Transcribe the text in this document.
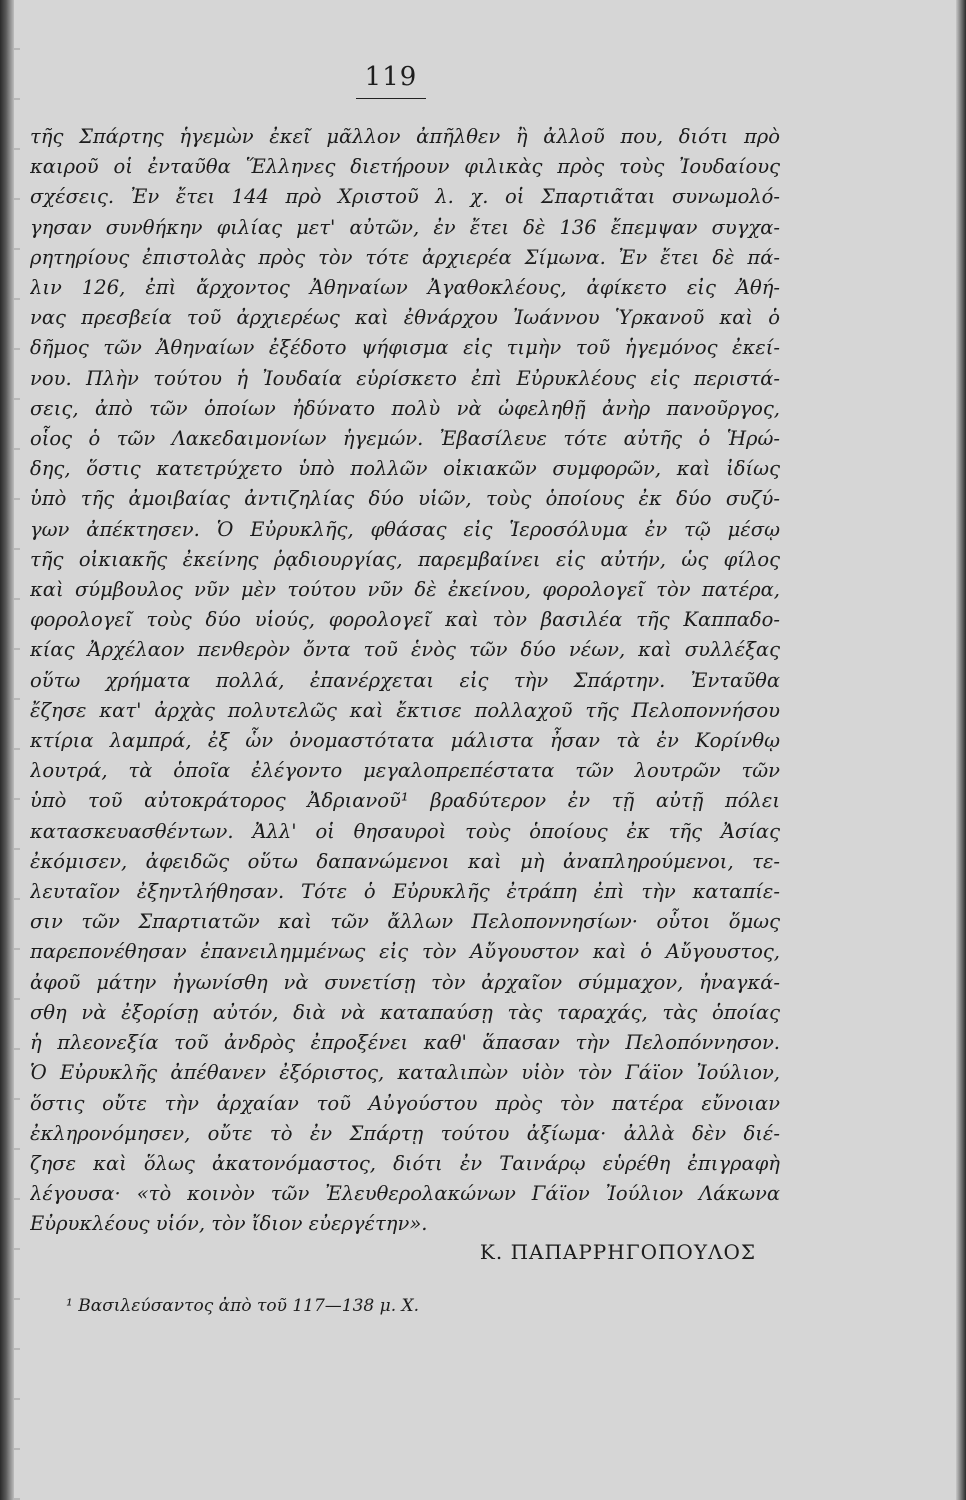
119
τῆς Σπάρτης ἡγεμὼν ἐκεῖ μᾶλλον ἀπῆλθεν ἢ ἀλλοῦ που, διότι πρὸ
καιροῦ οἱ ἐνταῦθα Ἕλληνες διετήρουν φιλικὰς πρὸς τοὺς Ἰουδαίους
σχέσεις. Ἐν ἔτει 144 πρὸ Χριστοῦ λ. χ. οἱ Σπαρτιᾶται συνωμολό-
γησαν συνθήκην φιλίας μετ' αὐτῶν, ἐν ἔτει δὲ 136 ἔπεμψαν συγχα-
ρητηρίους ἐπιστολὰς πρὸς τὸν τότε ἀρχιερέα Σίμωνα. Ἐν ἔτει δὲ πά-
λιν 126, ἐπὶ ἄρχοντος Ἀθηναίων Ἀγαθοκλέους, ἀφίκετο εἰς Ἀθή-
νας πρεσβεία τοῦ ἀρχιερέως καὶ ἐθνάρχου Ἰωάννου Ὑρκανοῦ καὶ ὁ
δῆμος τῶν Ἀθηναίων ἐξέδοτο ψήφισμα εἰς τιμὴν τοῦ ἡγεμόνος ἐκεί-
νου. Πλὴν τούτου ἡ Ἰουδαία εὑρίσκετο ἐπὶ Εὐρυκλέους εἰς περιστά-
σεις, ἀπὸ τῶν ὁποίων ἠδύνατο πολὺ νὰ ὠφεληθῇ ἀνὴρ πανοῦργος,
οἷος ὁ τῶν Λακεδαιμονίων ἡγεμών. Ἐβασίλευε τότε αὐτῆς ὁ Ἡρώ-
δης, ὅστις κατετρύχετο ὑπὸ πολλῶν οἰκιακῶν συμφορῶν, καὶ ἰδίως
ὑπὸ τῆς ἀμοιβαίας ἀντιζηλίας δύο υἱῶν, τοὺς ὁποίους ἐκ δύο συζύ-
γων ἀπέκτησεν. Ὁ Εὐρυκλῆς, φθάσας εἰς Ἱεροσόλυμα ἐν τῷ μέσῳ
τῆς οἰκιακῆς ἐκείνης ῥᾳδιουργίας, παρεμβαίνει εἰς αὐτήν, ὡς φίλος
καὶ σύμβουλος νῦν μὲν τούτου νῦν δὲ ἐκείνου, φορολογεῖ τὸν πατέρα,
φορολογεῖ τοὺς δύο υἱούς, φορολογεῖ καὶ τὸν βασιλέα τῆς Καππαδο-
κίας Ἀρχέλαον πενθερὸν ὄντα τοῦ ἑνὸς τῶν δύο νέων, καὶ συλλέξας
οὕτω χρήματα πολλά, ἐπανέρχεται εἰς τὴν Σπάρτην. Ἐνταῦθα
ἔζησε κατ' ἀρχὰς πολυτελῶς καὶ ἔκτισε πολλαχοῦ τῆς Πελοποννήσου
κτίρια λαμπρά, ἐξ ὧν ὀνομαστότατα μάλιστα ἦσαν τὰ ἐν Κορίνθῳ
λουτρά, τὰ ὁποῖα ἐλέγοντο μεγαλοπρεπέστατα τῶν λουτρῶν τῶν
ὑπὸ τοῦ αὐτοκράτορος Ἀδριανοῦ¹ βραδύτερον ἐν τῇ αὐτῇ πόλει
κατασκευασθέντων. Ἀλλ' οἱ θησαυροὶ τοὺς ὁποίους ἐκ τῆς Ἀσίας
ἐκόμισεν, ἀφειδῶς οὕτω δαπανώμενοι καὶ μὴ ἀναπληρούμενοι, τε-
λευταῖον ἐξηντλήθησαν. Τότε ὁ Εὐρυκλῆς ἐτράπη ἐπὶ τὴν καταπίε-
σιν τῶν Σπαρτιατῶν καὶ τῶν ἄλλων Πελοποννησίων· οὗτοι ὅμως
παρεπονέθησαν ἐπανειλημμένως εἰς τὸν Αὔγουστον καὶ ὁ Αὔγουστος,
ἀφοῦ μάτην ἠγωνίσθη νὰ συνετίσῃ τὸν ἀρχαῖον σύμμαχον, ἠναγκά-
σθη νὰ ἐξορίσῃ αὐτόν, διὰ νὰ καταπαύσῃ τὰς ταραχάς, τὰς ὁποίας
ἡ πλεονεξία τοῦ ἀνδρὸς ἐπροξένει καθ' ἅπασαν τὴν Πελοπόννησον.
Ὁ Εὐρυκλῆς ἀπέθανεν ἐξόριστος, καταλιπὼν υἱὸν τὸν Γάϊον Ἰούλιον,
ὅστις οὔτε τὴν ἀρχαίαν τοῦ Αὐγούστου πρὸς τὸν πατέρα εὔνοιαν
ἐκληρονόμησεν, οὔτε τὸ ἐν Σπάρτῃ τούτου ἀξίωμα· ἀλλὰ δὲν διέ-
ζησε καὶ ὅλως ἀκατονόμαστος, διότι ἐν Ταινάρῳ εὑρέθη ἐπιγραφὴ
λέγουσα· «τὸ κοινὸν τῶν Ἐλευθερολακώνων Γάϊον Ἰούλιον Λάκωνα
Εὐρυκλέους υἱόν, τὸν ἴδιον εὐεργέτην».
Κ. ΠΑΠΑΡΡΗΓΟΠΟΥΛΟΣ
¹ Βασιλεύσαντος ἀπὸ τοῦ 117—138 μ. Χ.
